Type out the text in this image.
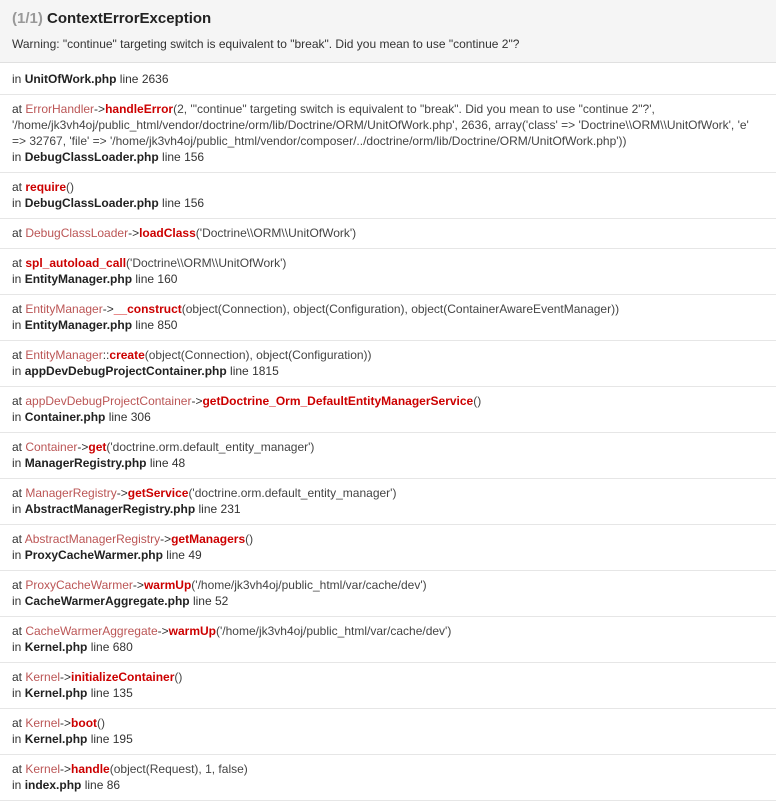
(1/1) ContextErrorException
Warning: "continue" targeting switch is equivalent to "break". Did you mean to use "continue 2"?
in UnitOfWork.php line 2636
at ErrorHandler->handleError(2, '"continue" targeting switch is equivalent to "break". Did you mean to use "continue 2"?', '/home/jk3vh4oj/public_html/vendor/doctrine/orm/lib/Doctrine/ORM/UnitOfWork.php', 2636, array('class' => 'Doctrine\\ORM\\UnitOfWork', 'e' => 32767, 'file' => '/home/jk3vh4oj/public_html/vendor/composer/../doctrine/orm/lib/Doctrine/ORM/UnitOfWork.php'))
in DebugClassLoader.php line 156
at require()
in DebugClassLoader.php line 156
at DebugClassLoader->loadClass('Doctrine\\ORM\\UnitOfWork')
at spl_autoload_call('Doctrine\\ORM\\UnitOfWork')
in EntityManager.php line 160
at EntityManager->__construct(object(Connection), object(Configuration), object(ContainerAwareEventManager))
in EntityManager.php line 850
at EntityManager::create(object(Connection), object(Configuration))
in appDevDebugProjectContainer.php line 1815
at appDevDebugProjectContainer->getDoctrine_Orm_DefaultEntityManagerService()
in Container.php line 306
at Container->get('doctrine.orm.default_entity_manager')
in ManagerRegistry.php line 48
at ManagerRegistry->getService('doctrine.orm.default_entity_manager')
in AbstractManagerRegistry.php line 231
at AbstractManagerRegistry->getManagers()
in ProxyCacheWarmer.php line 49
at ProxyCacheWarmer->warmUp('/home/jk3vh4oj/public_html/var/cache/dev')
in CacheWarmerAggregate.php line 52
at CacheWarmerAggregate->warmUp('/home/jk3vh4oj/public_html/var/cache/dev')
in Kernel.php line 680
at Kernel->initializeContainer()
in Kernel.php line 135
at Kernel->boot()
in Kernel.php line 195
at Kernel->handle(object(Request), 1, false)
in index.php line 86
